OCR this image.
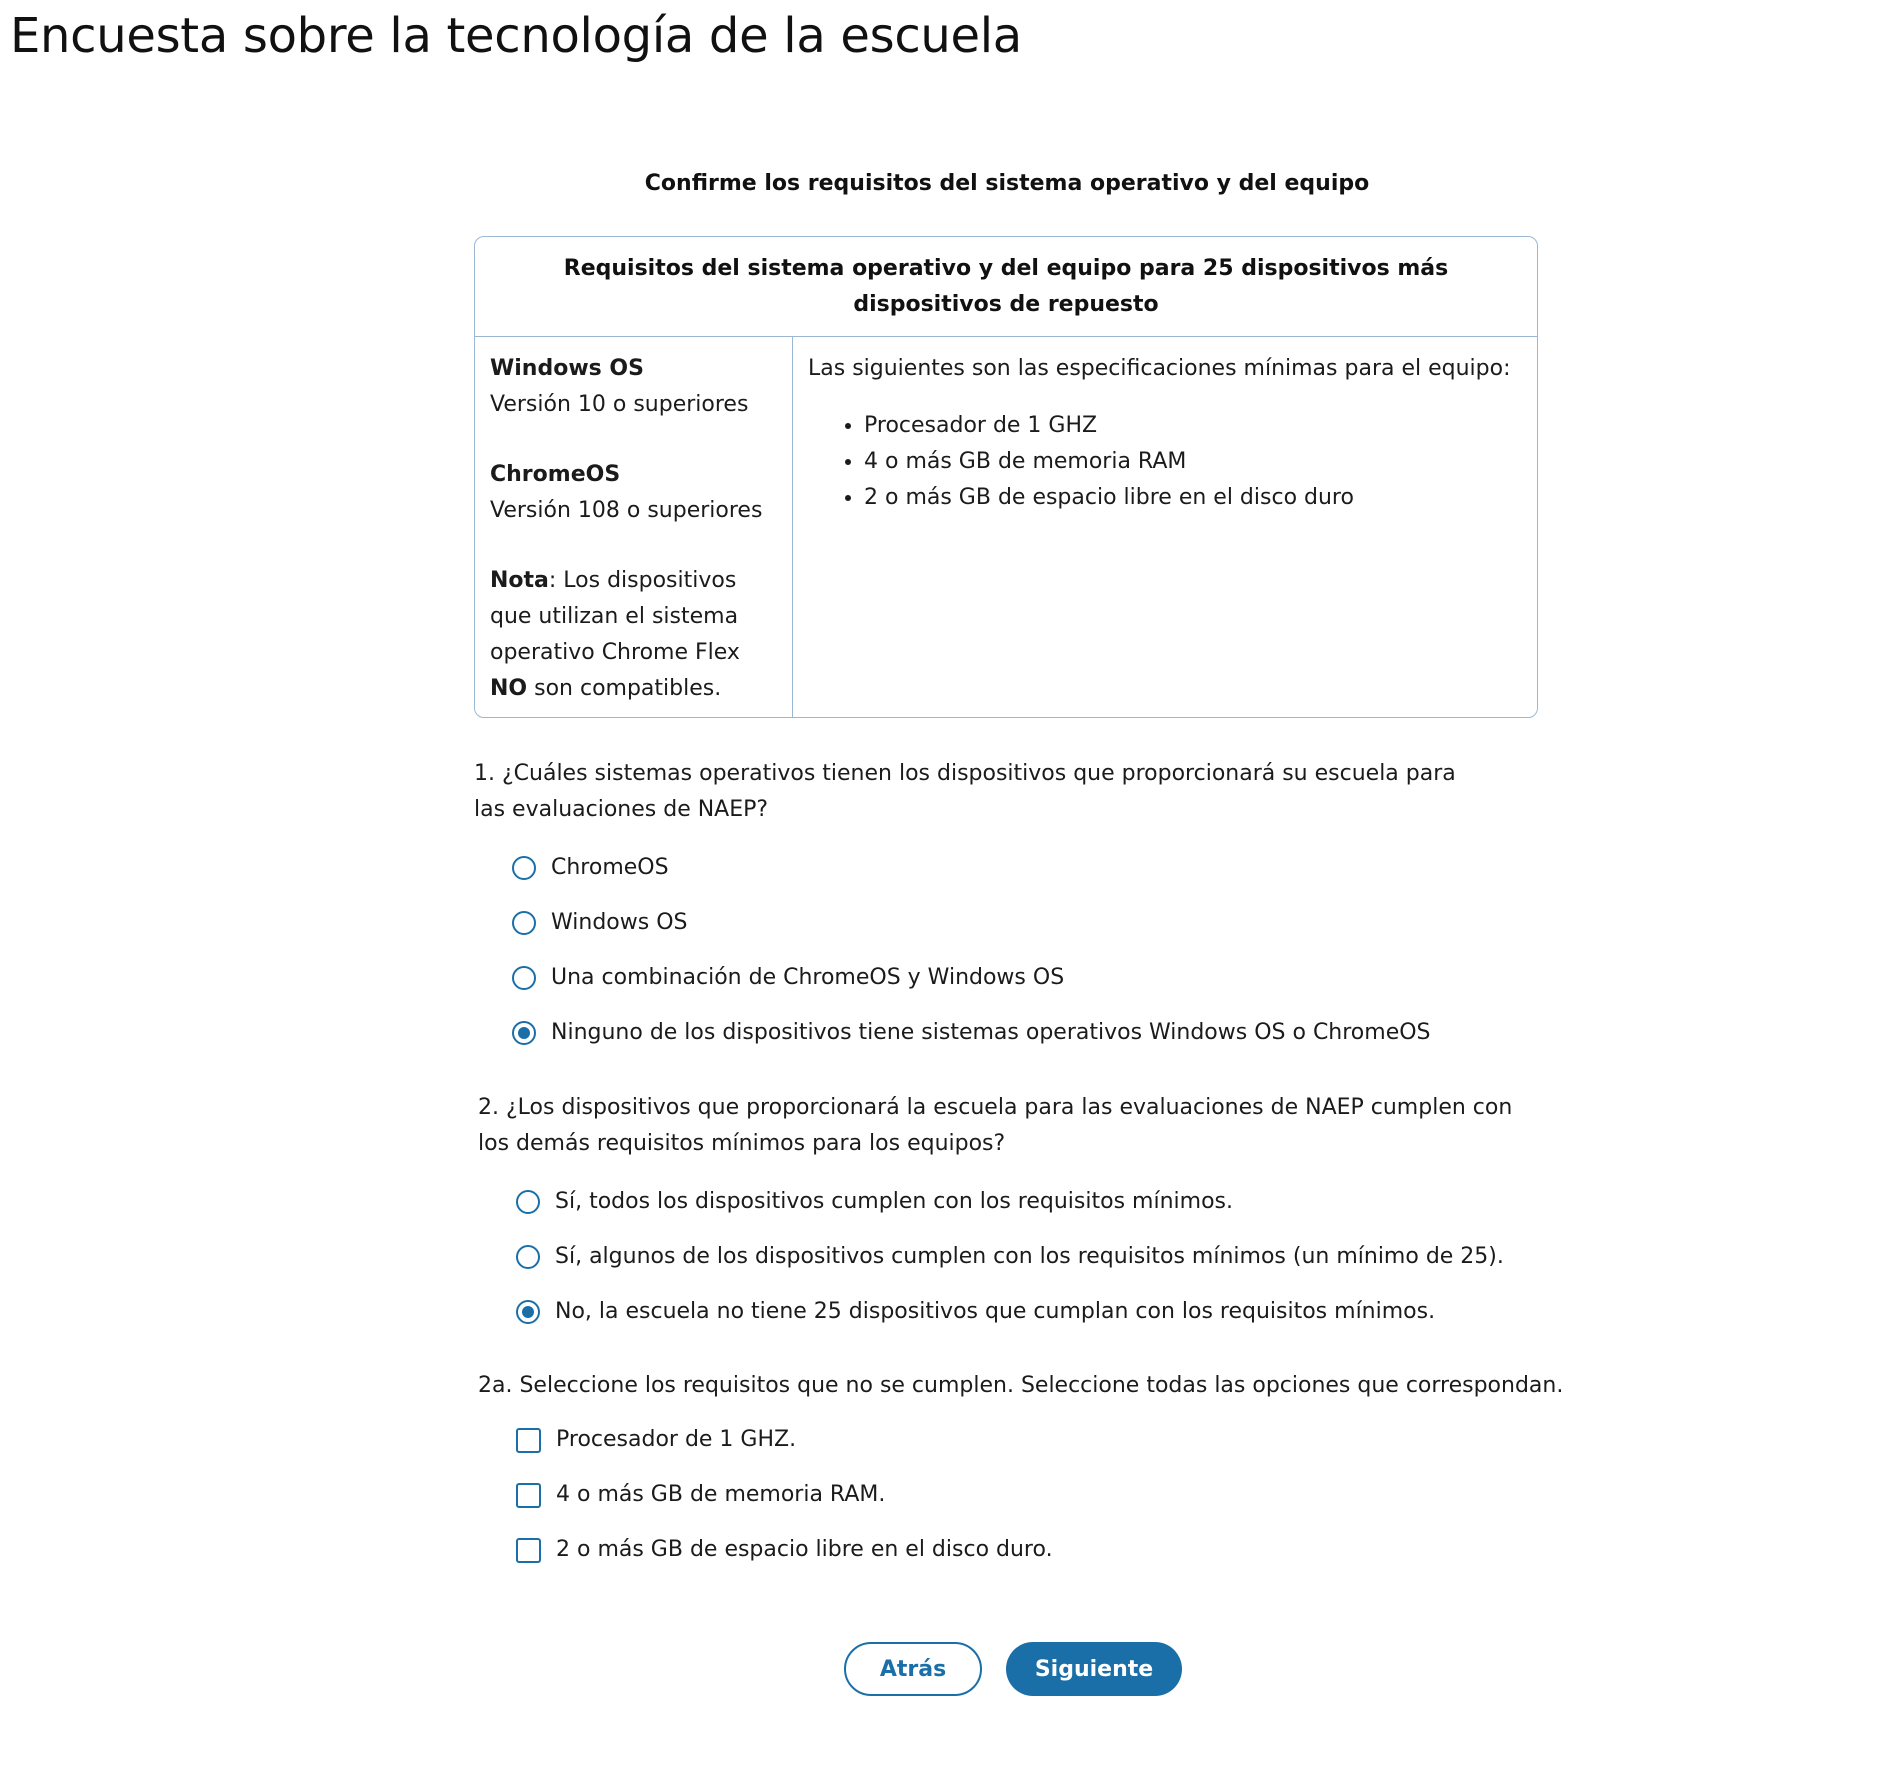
Encuesta sobre la tecnología de la escuela
Confirme los requisitos del sistema operativo y del equipo
Requisitos del sistema operativo y del equipo para 25 dispositivos más dispositivos de repuesto
Windows OS
Versión 10 o superiores
ChromeOS
Versión 108 o superiores
Nota: Los dispositivos que utilizan el sistema operativo Chrome Flex NO son compatibles.
Las siguientes son las especificaciones mínimas para el equipo:
• Procesador de 1 GHZ
• 4 o más GB de memoria RAM
• 2 o más GB de espacio libre en el disco duro
1. ¿Cuáles sistemas operativos tienen los dispositivos que proporcionará su escuela para las evaluaciones de NAEP?
ChromeOS
Windows OS
Una combinación de ChromeOS y Windows OS
Ninguno de los dispositivos tiene sistemas operativos Windows OS o ChromeOS
2. ¿Los dispositivos que proporcionará la escuela para las evaluaciones de NAEP cumplen con los demás requisitos mínimos para los equipos?
Sí, todos los dispositivos cumplen con los requisitos mínimos.
Sí, algunos de los dispositivos cumplen con los requisitos mínimos (un mínimo de 25).
No, la escuela no tiene 25 dispositivos que cumplan con los requisitos mínimos.
2a. Seleccione los requisitos que no se cumplen. Seleccione todas las opciones que correspondan.
Procesador de 1 GHZ.
4 o más GB de memoria RAM.
2 o más GB de espacio libre en el disco duro.
Atrás	Siguiente
